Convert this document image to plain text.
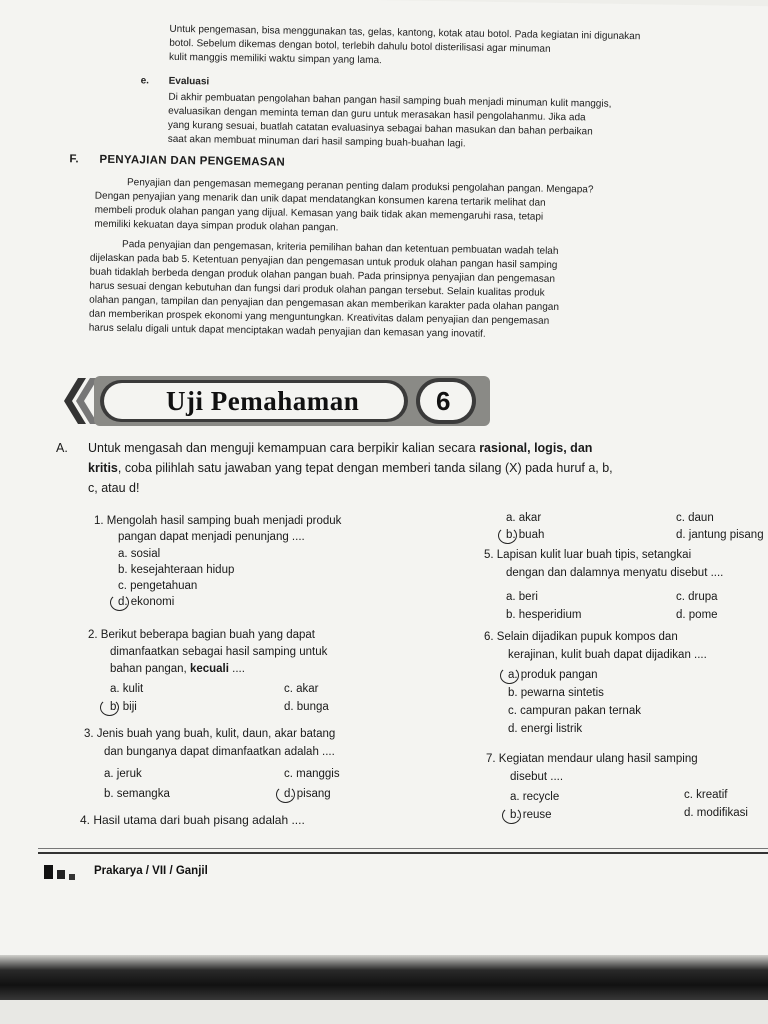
Untuk pengemasan, bisa menggunakan tas, gelas, kantong, kotak atau botol. Pada kegiatan ini digunakan
botol. Sebelum dikemas dengan botol, terlebih dahulu botol disterilisasi agar minuman
kulit manggis memiliki waktu simpan yang lama.
e. Evaluasi
Di akhir pembuatan pengolahan bahan pangan hasil samping buah menjadi minuman kulit manggis,
evaluasikan dengan meminta teman dan guru untuk merasakan hasil pengolahanmu. Jika ada
yang kurang sesuai, buatlah catatan evaluasinya sebagai bahan masukan dan bahan perbaikan
saat akan membuat minuman dari hasil samping buah-buahan lagi.
F. PENYAJIAN DAN PENGEMASAN
Penyajian dan pengemasan memegang peranan penting dalam produksi pengolahan pangan. Mengapa?
Dengan penyajian yang menarik dan unik dapat mendatangkan konsumen karena tertarik melihat dan
membeli produk olahan pangan yang dijual. Kemasan yang baik tidak akan memengaruhi rasa, tetapi
memiliki kekuatan daya simpan produk olahan pangan.
Pada penyajian dan pengemasan, kriteria pemilihan bahan dan ketentuan pembuatan wadah telah
dijelaskan pada bab 5. Ketentuan penyajian dan pengemasan untuk produk olahan pangan hasil samping
buah tidaklah berbeda dengan produk olahan pangan buah. Pada prinsipnya penyajian dan pengemasan
harus sesuai dengan kebutuhan dan fungsi dari produk olahan pangan tersebut. Selain kualitas produk
olahan pangan, tampilan dan penyajian dan pengemasan akan memberikan karakter pada olahan pangan
dan memberikan prospek ekonomi yang menguntungkan. Kreativitas dalam penyajian dan pengemasan
harus selalu digali untuk dapat menciptakan wadah penyajian dan kemasan yang inovatif.
Uji Pemahaman	6
A. Untuk mengasah dan menguji kemampuan cara berpikir kalian secara rasional, logis, dan
kritis, coba pilihlah satu jawaban yang tepat dengan memberi tanda silang (X) pada huruf a, b,
c, atau d!
1. Mengolah hasil samping buah menjadi produk
pangan dapat menjadi penunjang ....
a. sosial
b. kesejahteraan hidup
c. pengetahuan
d. ekonomi
2. Berikut beberapa bagian buah yang dapat
dimanfaatkan sebagai hasil samping untuk
bahan pangan, kecuali ....
a. kulit
b. biji
c. akar
d. bunga
3. Jenis buah yang buah, kulit, daun, akar batang
dan bunganya dapat dimanfaatkan adalah ....
a. jeruk
b. semangka
c. manggis
d. pisang
4. Hasil utama dari buah pisang adalah ....
a. akar
b. buah
c. daun
d. jantung pisang
5. Lapisan kulit luar buah tipis, setangkai
dengan dan dalamnya menyatu disebut ....
a. beri
b. hesperidium
c. drupa
d. pome
6. Selain dijadikan pupuk kompos dan
kerajinan, kulit buah dapat dijadikan ....
a. produk pangan
b. pewarna sintetis
c. campuran pakan ternak
d. energi listrik
7. Kegiatan mendaur ulang hasil samping
disebut ....
a. recycle
b. reuse
c. kreatif
d. modifikasi
Prakarya / VII / Ganjil
